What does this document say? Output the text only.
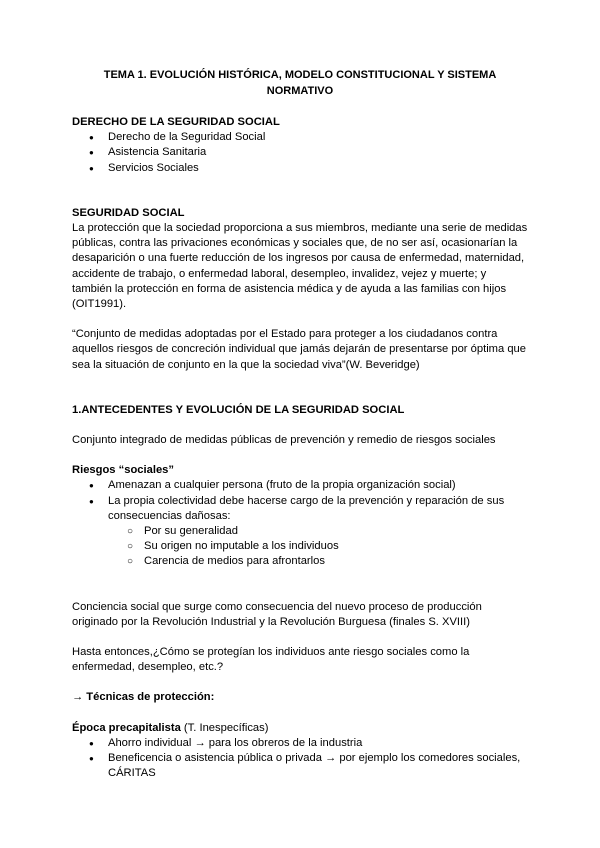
TEMA 1. EVOLUCIÓN HISTÓRICA, MODELO CONSTITUCIONAL Y SISTEMA NORMATIVO

DERECHO DE LA SEGURIDAD SOCIAL

● Derecho de la Seguridad Social
● Asistencia Sanitaria
● Servicios Sociales

SEGURIDAD SOCIAL

La protección que la sociedad proporciona a sus miembros, mediante una serie de medidas públicas, contra las privaciones económicas y sociales que, de no ser así, ocasionarían la desaparición o una fuerte reducción de los ingresos por causa de enfermedad, maternidad, accidente de trabajo, o enfermedad laboral, desempleo, invalidez, vejez y muerte; y también la protección en forma de asistencia médica y de ayuda a las familias con hijos (OIT1991).

“Conjunto de medidas adoptadas por el Estado para proteger a los ciudadanos contra aquellos riesgos de concreción individual que jamás dejarán de presentarse por óptima que sea la situación de conjunto en la que la sociedad viva”(W. Beveridge)

1.ANTECEDENTES Y EVOLUCIÓN DE LA SEGURIDAD SOCIAL

Conjunto integrado de medidas públicas de prevención y remedio de riesgos sociales

Riesgos “sociales”

● Amenazan a cualquier persona (fruto de la propia organización social)
● La propia colectividad debe hacerse cargo de la prevención y reparación de sus consecuencias dañosas:
○ Por su generalidad
○ Su origen no imputable a los individuos
○ Carencia de medios para afrontarlos

Conciencia social que surge como consecuencia del nuevo proceso de producción originado por la Revolución Industrial y la Revolución Burguesa (finales S. XVIII)

Hasta entonces,¿Cómo se protegían los individuos ante riesgo sociales como la enfermedad, desempleo, etc.?

→ Técnicas de protección:

Época precapitalista (T. Inespecíficas)

● Ahorro individual → para los obreros de la industria
● Beneficencia o asistencia pública o privada → por ejemplo los comedores sociales, CÁRITAS
